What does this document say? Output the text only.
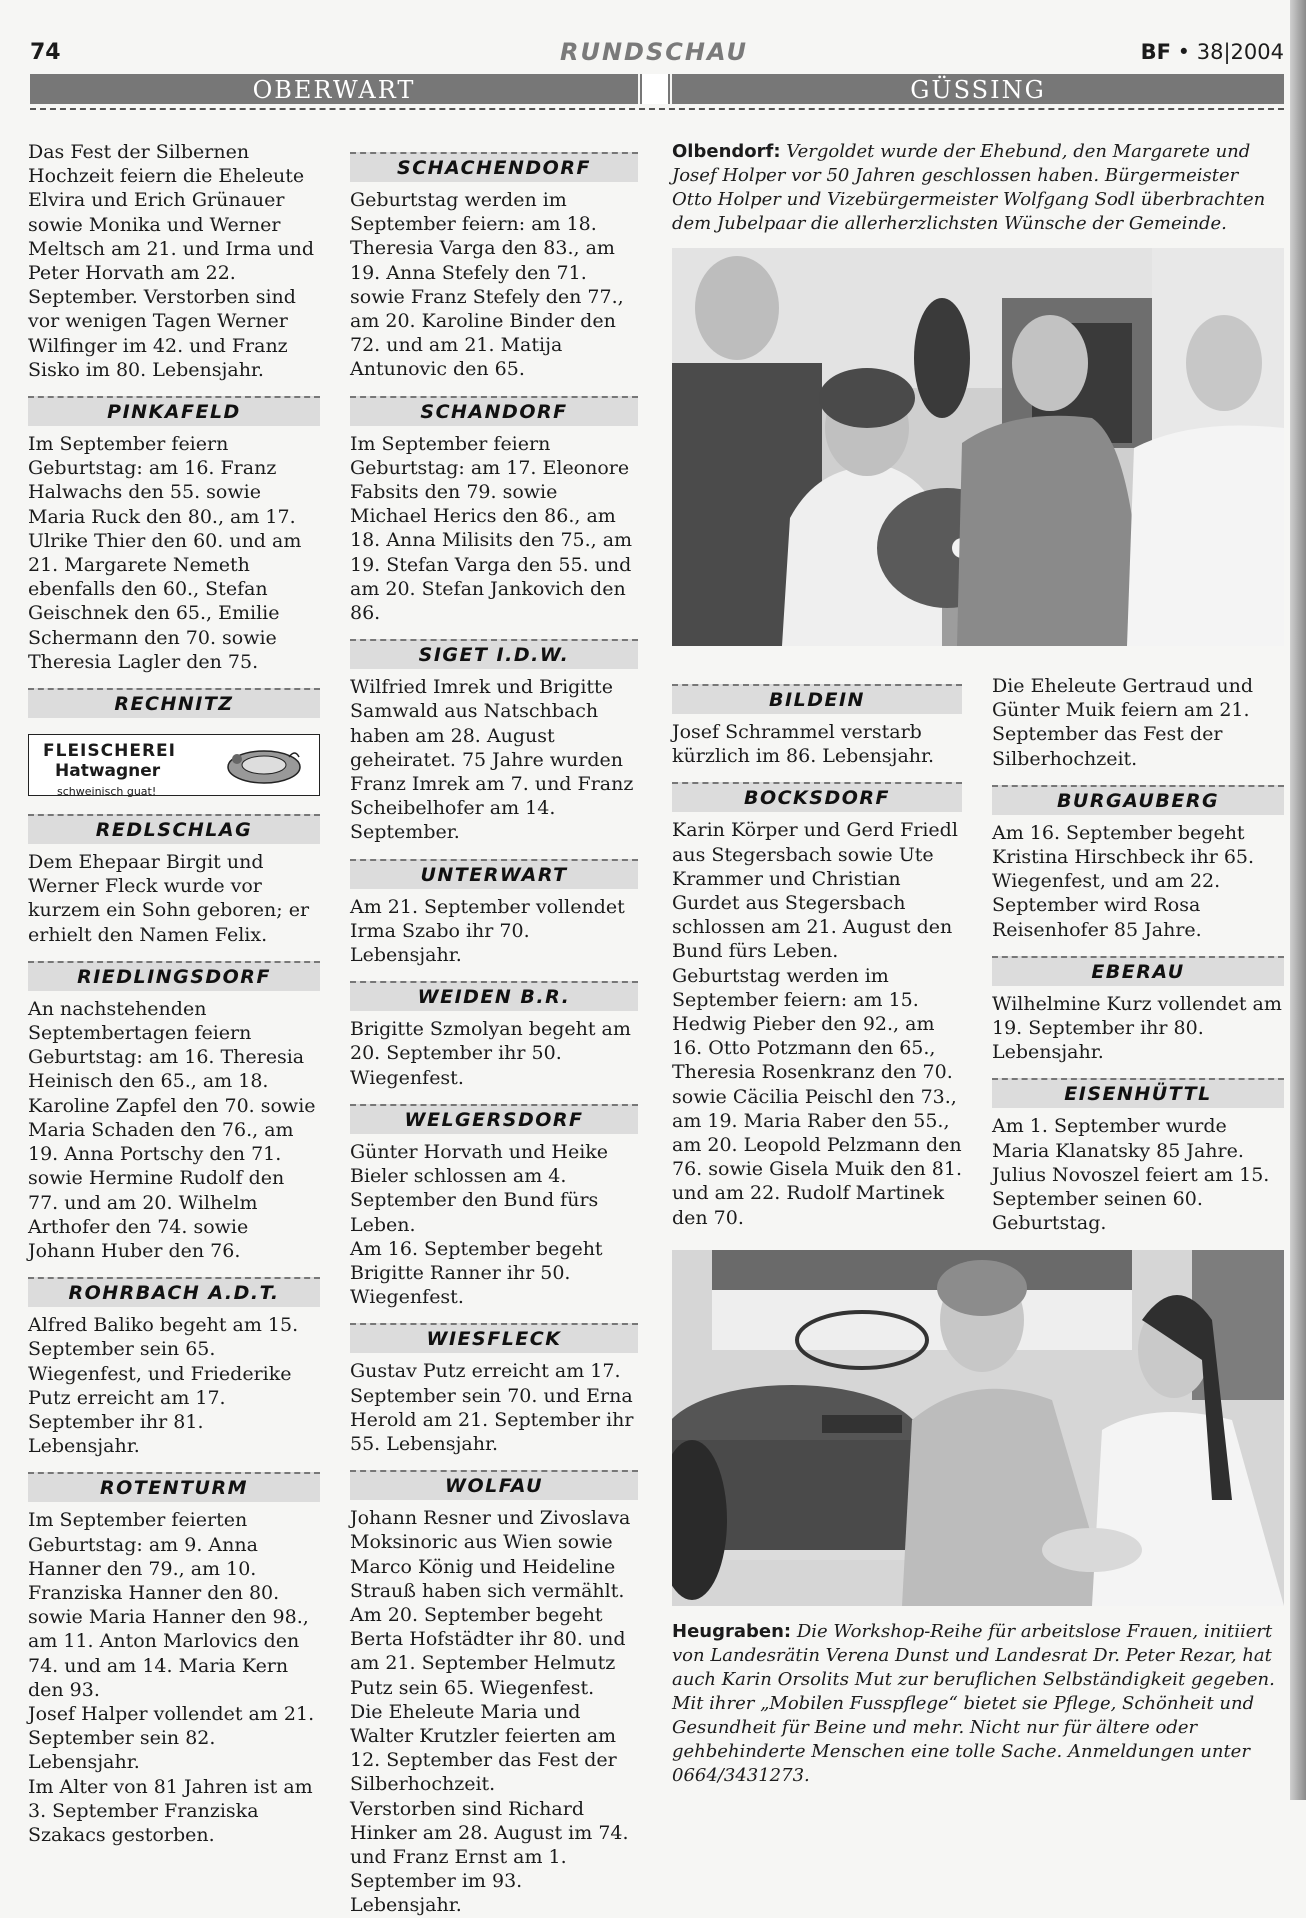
74	RUNDSCHAU	BF • 38|2004
OBERWART	GÜSSING

Das Fest der Silbernen Hochzeit feiern die Eheleute Elvira und Erich Grünauer sowie Monika und Werner Meltsch am 21. und Irma und Peter Horvath am 22. September. Verstorben sind vor wenigen Tagen Werner Wilfinger im 42. und Franz Sisko im 80. Lebensjahr.

PINKAFELD

Im September feiern Geburtstag: am 16. Franz Halwachs den 55. sowie Maria Ruck den 80., am 17. Ulrike Thier den 60. und am 21. Margarete Nemeth ebenfalls den 60., Stefan Geischnek den 65., Emilie Schermann den 70. sowie Theresia Lagler den 75.

RECHNITZ
FLEISCHEREI
Hatwagner
schweinisch guat!
REDLSCHLAG

Dem Ehepaar Birgit und Werner Fleck wurde vor kurzem ein Sohn geboren; er erhielt den Namen Felix.

RIEDLINGSDORF

An nachstehenden Septembertagen feiern Geburtstag: am 16. Theresia Heinisch den 65., am 18. Karoline Zapfel den 70. sowie Maria Schaden den 76., am 19. Anna Portschy den 71. sowie Hermine Rudolf den 77. und am 20. Wilhelm Arthofer den 74. sowie Johann Huber den 76.

ROHRBACH A.D.T.

Alfred Baliko begeht am 15. September sein 65. Wiegenfest, und Friederike Putz erreicht am 17. September ihr 81. Lebensjahr.

ROTENTURM

Im September feierten Geburtstag: am 9. Anna Hanner den 79., am 10. Franziska Hanner den 80. sowie Maria Hanner den 98., am 11. Anton Marlovics den 74. und am 14. Maria Kern den 93.

Josef Halper vollendet am 21. September sein 82. Lebensjahr.

Im Alter von 81 Jahren ist am 3. September Franziska Szakacs gestorben.

SCHACHENDORF

Geburtstag werden im September feiern: am 18. Theresia Varga den 83., am 19. Anna Stefely den 71. sowie Franz Stefely den 77., am 20. Karoline Binder den 72. und am 21. Matija Antunovic den 65.

SCHANDORF

Im September feiern Geburtstag: am 17. Eleonore Fabsits den 79. sowie Michael Herics den 86., am 18. Anna Milisits den 75., am 19. Stefan Varga den 55. und am 20. Stefan Jankovich den 86.

SIGET I.D.W.

Wilfried Imrek und Brigitte Samwald aus Natschbach haben am 28. August geheiratet. 75 Jahre wurden Franz Imrek am 7. und Franz Scheibelhofer am 14. September.

UNTERWART

Am 21. September vollendet Irma Szabo ihr 70. Lebensjahr.

WEIDEN B.R.

Brigitte Szmolyan begeht am 20. September ihr 50. Wiegenfest.

WELGERSDORF

Günter Horvath und Heike Bieler schlossen am 4. September den Bund fürs Leben.

Am 16. September begeht Brigitte Ranner ihr 50. Wiegenfest.

WIESFLECK

Gustav Putz erreicht am 17. September sein 70. und Erna Herold am 21. September ihr 55. Lebensjahr.

WOLFAU

Johann Resner und Zivoslava Moksinoric aus Wien sowie Marco König und Heideline Strauß haben sich vermählt. Am 20. September begeht Berta Hofstädter ihr 80. und am 21. September Helmutz Putz sein 65. Wiegenfest.

Die Eheleute Maria und Walter Krutzler feierten am 12. September das Fest der Silberhochzeit.

Verstorben sind Richard Hinker am 28. August im 74. und Franz Ernst am 1. September im 93. Lebensjahr.

Olbendorf: Vergoldet wurde der Ehebund, den Margarete und Josef Holper vor 50 Jahren geschlossen haben. Bürgermeister Otto Holper und Vizebürgermeister Wolfgang Sodl überbrachten dem Jubelpaar die allerherzlichsten Wünsche der Gemeinde.
BILDEIN

Josef Schrammel verstarb kürzlich im 86. Lebensjahr.

BOCKSDORF

Karin Körper und Gerd Friedl aus Stegersbach sowie Ute Krammer und Christian Gurdet aus Stegersbach schlossen am 21. August den Bund fürs Leben.

Geburtstag werden im September feiern: am 15. Hedwig Pieber den 92., am 16. Otto Potzmann den 65., Theresia Rosenkranz den 70. sowie Cäcilia Peischl den 73., am 19. Maria Raber den 55., am 20. Leopold Pelzmann den 76. sowie Gisela Muik den 81. und am 22. Rudolf Martinek den 70.

Die Eheleute Gertraud und Günter Muik feiern am 21. September das Fest der Silberhochzeit.

BURGAUBERG

Am 16. September begeht Kristina Hirschbeck ihr 65. Wiegenfest, und am 22. September wird Rosa Reisenhofer 85 Jahre.

EBERAU

Wilhelmine Kurz vollendet am 19. September ihr 80. Lebensjahr.

EISENHÜTTL

Am 1. September wurde Maria Klanatsky 85 Jahre.

Julius Novoszel feiert am 15. September seinen 60. Geburtstag.

Heugraben: Die Workshop-Reihe für arbeitslose Frauen, initiiert von Landesrätin Verena Dunst und Landesrat Dr. Peter Rezar, hat auch Karin Orsolits Mut zur beruflichen Selbständigkeit gegeben. Mit ihrer „Mobilen Fusspflege“ bietet sie Pflege, Schönheit und Gesundheit für Beine und mehr. Nicht nur für ältere oder gehbehinderte Menschen eine tolle Sache. Anmeldungen unter 0664/3431273.
